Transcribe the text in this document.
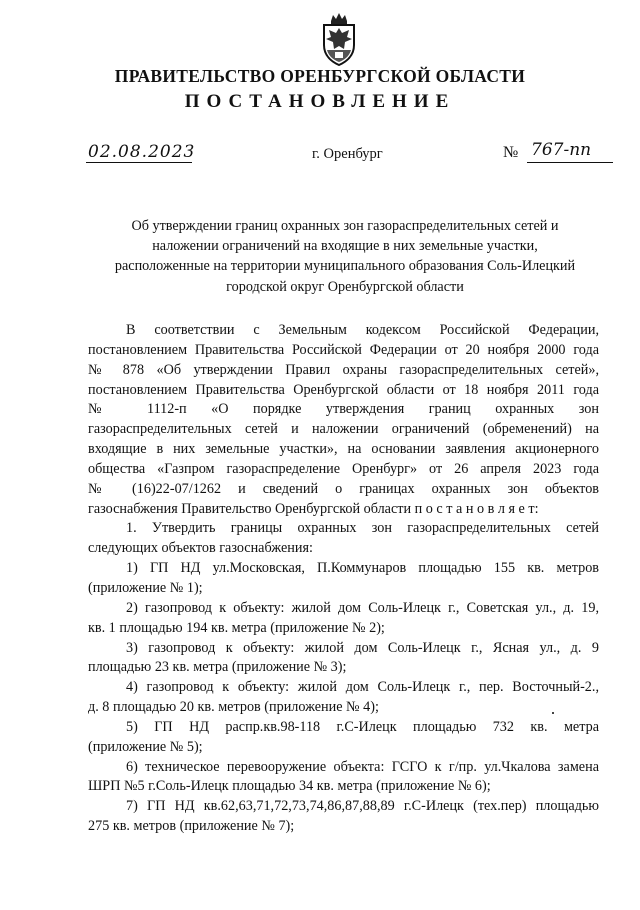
ПРАВИТЕЛЬСТВО ОРЕНБУРГСКОЙ ОБЛАСТИ
ПОСТАНОВЛЕНИЕ
02.08.2023	г. Оренбург	№ 767-пп
Об утверждении границ охранных зон газораспределительных сетей и
наложении ограничений на входящие в них земельные участки,
расположенные на территории муниципального образования Соль-Илецкий
городской округ Оренбургской области
В соответствии с Земельным кодексом Российской Федерации,
постановлением Правительства Российской Федерации от 20 ноября 2000 года
№ 878 «Об утверждении Правил охраны газораспределительных сетей»,
постановлением Правительства Оренбургской области от 18 ноября 2011 года
№ 1112-п «О порядке утверждения границ охранных зон
газораспределительных сетей и наложении ограничений (обременений) на
входящие в них земельные участки», на основании заявления акционерного
общества «Газпром газораспределение Оренбург» от 26 апреля 2023 года
№ (16)22-07/1262 и сведений о границах охранных зон объектов
газоснабжения Правительство Оренбургской области п о с т а н о в л я е т:
1. Утвердить границы охранных зон газораспределительных сетей
следующих объектов газоснабжения:
1) ГП НД ул.Московская, П.Коммунаров площадью 155 кв. метров
(приложение № 1);
2) газопровод к объекту: жилой дом Соль-Илецк г., Советская ул., д. 19,
кв. 1 площадью 194 кв. метра (приложение № 2);
3) газопровод к объекту: жилой дом Соль-Илецк г., Ясная ул., д. 9
площадью 23 кв. метра (приложение № 3);
4) газопровод к объекту: жилой дом Соль-Илецк г., пер. Восточный-2.,
д. 8 площадью 20 кв. метров (приложение № 4);
5) ГП НД распр.кв.98-118 г.С-Илецк площадью 732 кв. метра
(приложение № 5);
6) техническое перевооружение объекта: ГСГО к г/пр. ул.Чкалова замена
ШРП №5 г.Соль-Илецк площадью 34 кв. метра (приложение № 6);
7) ГП НД кв.62,63,71,72,73,74,86,87,88,89 г.С-Илецк (тех.пер) площадью
275 кв. метров (приложение № 7);
